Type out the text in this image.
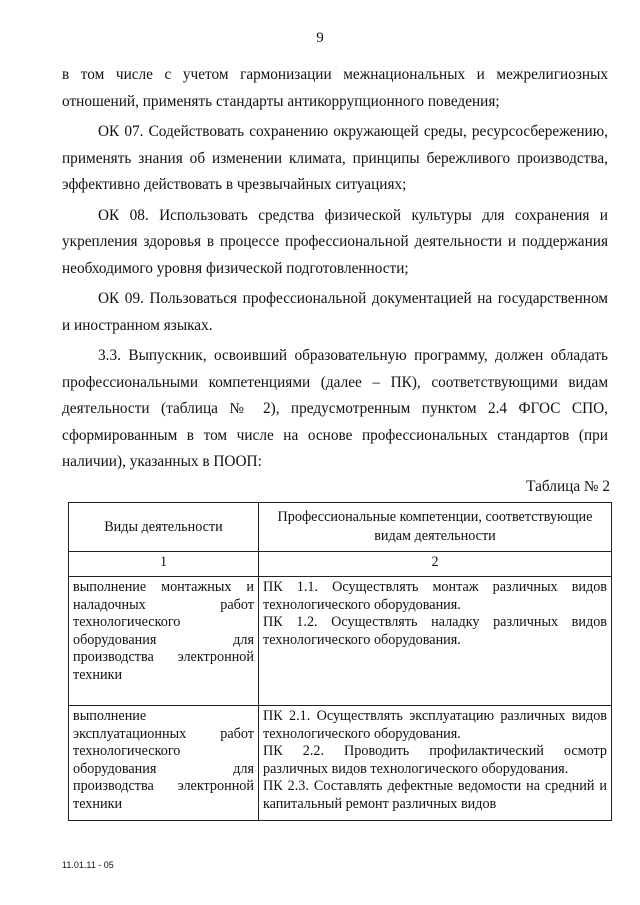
9

в том числе с учетом гармонизации межнациональных и межрелигиозных отношений, применять стандарты антикоррупционного поведения;

ОК 07. Содействовать сохранению окружающей среды, ресурсосбережению, применять знания об изменении климата, принципы бережливого производства, эффективно действовать в чрезвычайных ситуациях;

ОК 08. Использовать средства физической культуры для сохранения и укрепления здоровья в процессе профессиональной деятельности и поддержания необходимого уровня физической подготовленности;

ОК 09. Пользоваться профессиональной документацией на государственном и иностранном языках.

3.3. Выпускник, освоивший образовательную программу, должен обладать профессиональными компетенциями (далее – ПК), соответствующими видам деятельности (таблица № 2), предусмотренным пунктом 2.4 ФГОС СПО, сформированным в том числе на основе профессиональных стандартов (при наличии), указанных в ПООП:

Таблица № 2
Виды деятельности	Профессиональные компетенции, соответствующие видам деятельности
1	2
выполнение монтажных и наладочных работ технологического оборудования для производства электронной техники	ПК 1.1. Осуществлять монтаж различных видов технологического оборудования.
ПК 1.2. Осуществлять наладку различных видов технологического оборудования.

выполнение эксплуатационных работ технологического оборудования для производства электронной техники	ПК 2.1. Осуществлять эксплуатацию различных видов технологического оборудования.
ПК 2.2. Проводить профилактический осмотр различных видов технологического оборудования.
ПК 2.3. Составлять дефектные ведомости на средний и капитальный ремонт различных видов
11.01.11 - 05
